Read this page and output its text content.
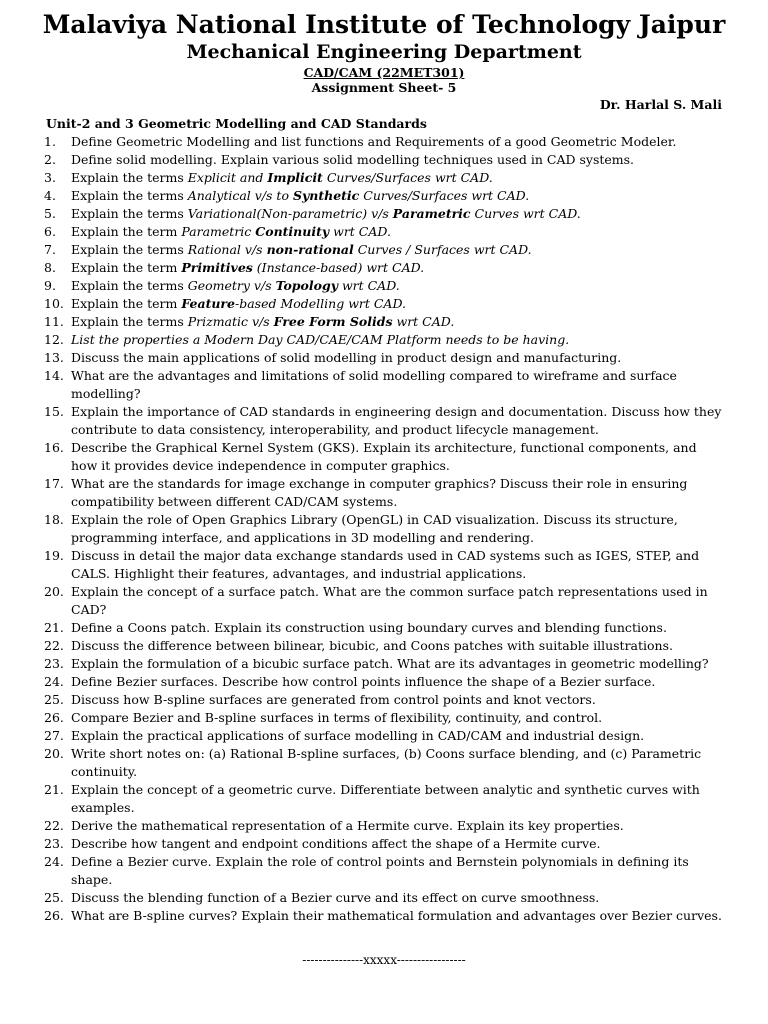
Malaviya National Institute of Technology Jaipur
Mechanical Engineering Department
CAD/CAM (22MET301)
Assignment Sheet- 5
Dr. Harlal S. Mali
Unit-2 and 3 Geometric Modelling and CAD Standards
1.	Define Geometric Modelling and list functions and Requirements of a good Geometric Modeler.
2.	Define solid modelling. Explain various solid modelling techniques used in CAD systems.
3.	Explain the terms Explicit and Implicit Curves/Surfaces wrt CAD.
4.	Explain the terms Analytical v/s to Synthetic Curves/Surfaces wrt CAD.
5.	Explain the terms Variational(Non-parametric) v/s Parametric Curves wrt CAD.
6.	Explain the term Parametric Continuity wrt CAD.
7.	Explain the terms Rational v/s non-rational Curves / Surfaces wrt CAD.
8.	Explain the term Primitives (Instance-based) wrt CAD.
9.	Explain the terms Geometry v/s Topology wrt CAD.
10. Explain the term Feature-based Modelling wrt CAD.
11. Explain the terms Prizmatic v/s Free Form Solids wrt CAD.
12. List the properties a Modern Day CAD/CAE/CAM Platform needs to be having.
13. Discuss the main applications of solid modelling in product design and manufacturing.
14. What are the advantages and limitations of solid modelling compared to wireframe and surface modelling?
15. Explain the importance of CAD standards in engineering design and documentation. Discuss how they contribute to data consistency, interoperability, and product lifecycle management.
16. Describe the Graphical Kernel System (GKS). Explain its architecture, functional components, and how it provides device independence in computer graphics.
17. What are the standards for image exchange in computer graphics? Discuss their role in ensuring compatibility between different CAD/CAM systems.
18. Explain the role of Open Graphics Library (OpenGL) in CAD visualization. Discuss its structure, programming interface, and applications in 3D modelling and rendering.
19. Discuss in detail the major data exchange standards used in CAD systems such as IGES, STEP, and CALS. Highlight their features, advantages, and industrial applications.
20. Explain the concept of a surface patch. What are the common surface patch representations used in CAD?
21. Define a Coons patch. Explain its construction using boundary curves and blending functions.
22. Discuss the difference between bilinear, bicubic, and Coons patches with suitable illustrations.
23. Explain the formulation of a bicubic surface patch. What are its advantages in geometric modelling?
24. Define Bezier surfaces. Describe how control points influence the shape of a Bezier surface.
25. Discuss how B-spline surfaces are generated from control points and knot vectors.
26. Compare Bezier and B-spline surfaces in terms of flexibility, continuity, and control.
27. Explain the practical applications of surface modelling in CAD/CAM and industrial design.
20. Write short notes on: (a) Rational B-spline surfaces, (b) Coons surface blending, and (c) Parametric continuity.
21. Explain the concept of a geometric curve. Differentiate between analytic and synthetic curves with examples.
22. Derive the mathematical representation of a Hermite curve. Explain its key properties.
23. Describe how tangent and endpoint conditions affect the shape of a Hermite curve.
24. Define a Bezier curve. Explain the role of control points and Bernstein polynomials in defining its shape.
25. Discuss the blending function of a Bezier curve and its effect on curve smoothness.
26. What are B-spline curves? Explain their mathematical formulation and advantages over Bezier curves.
---------------xxxxx-----------------
